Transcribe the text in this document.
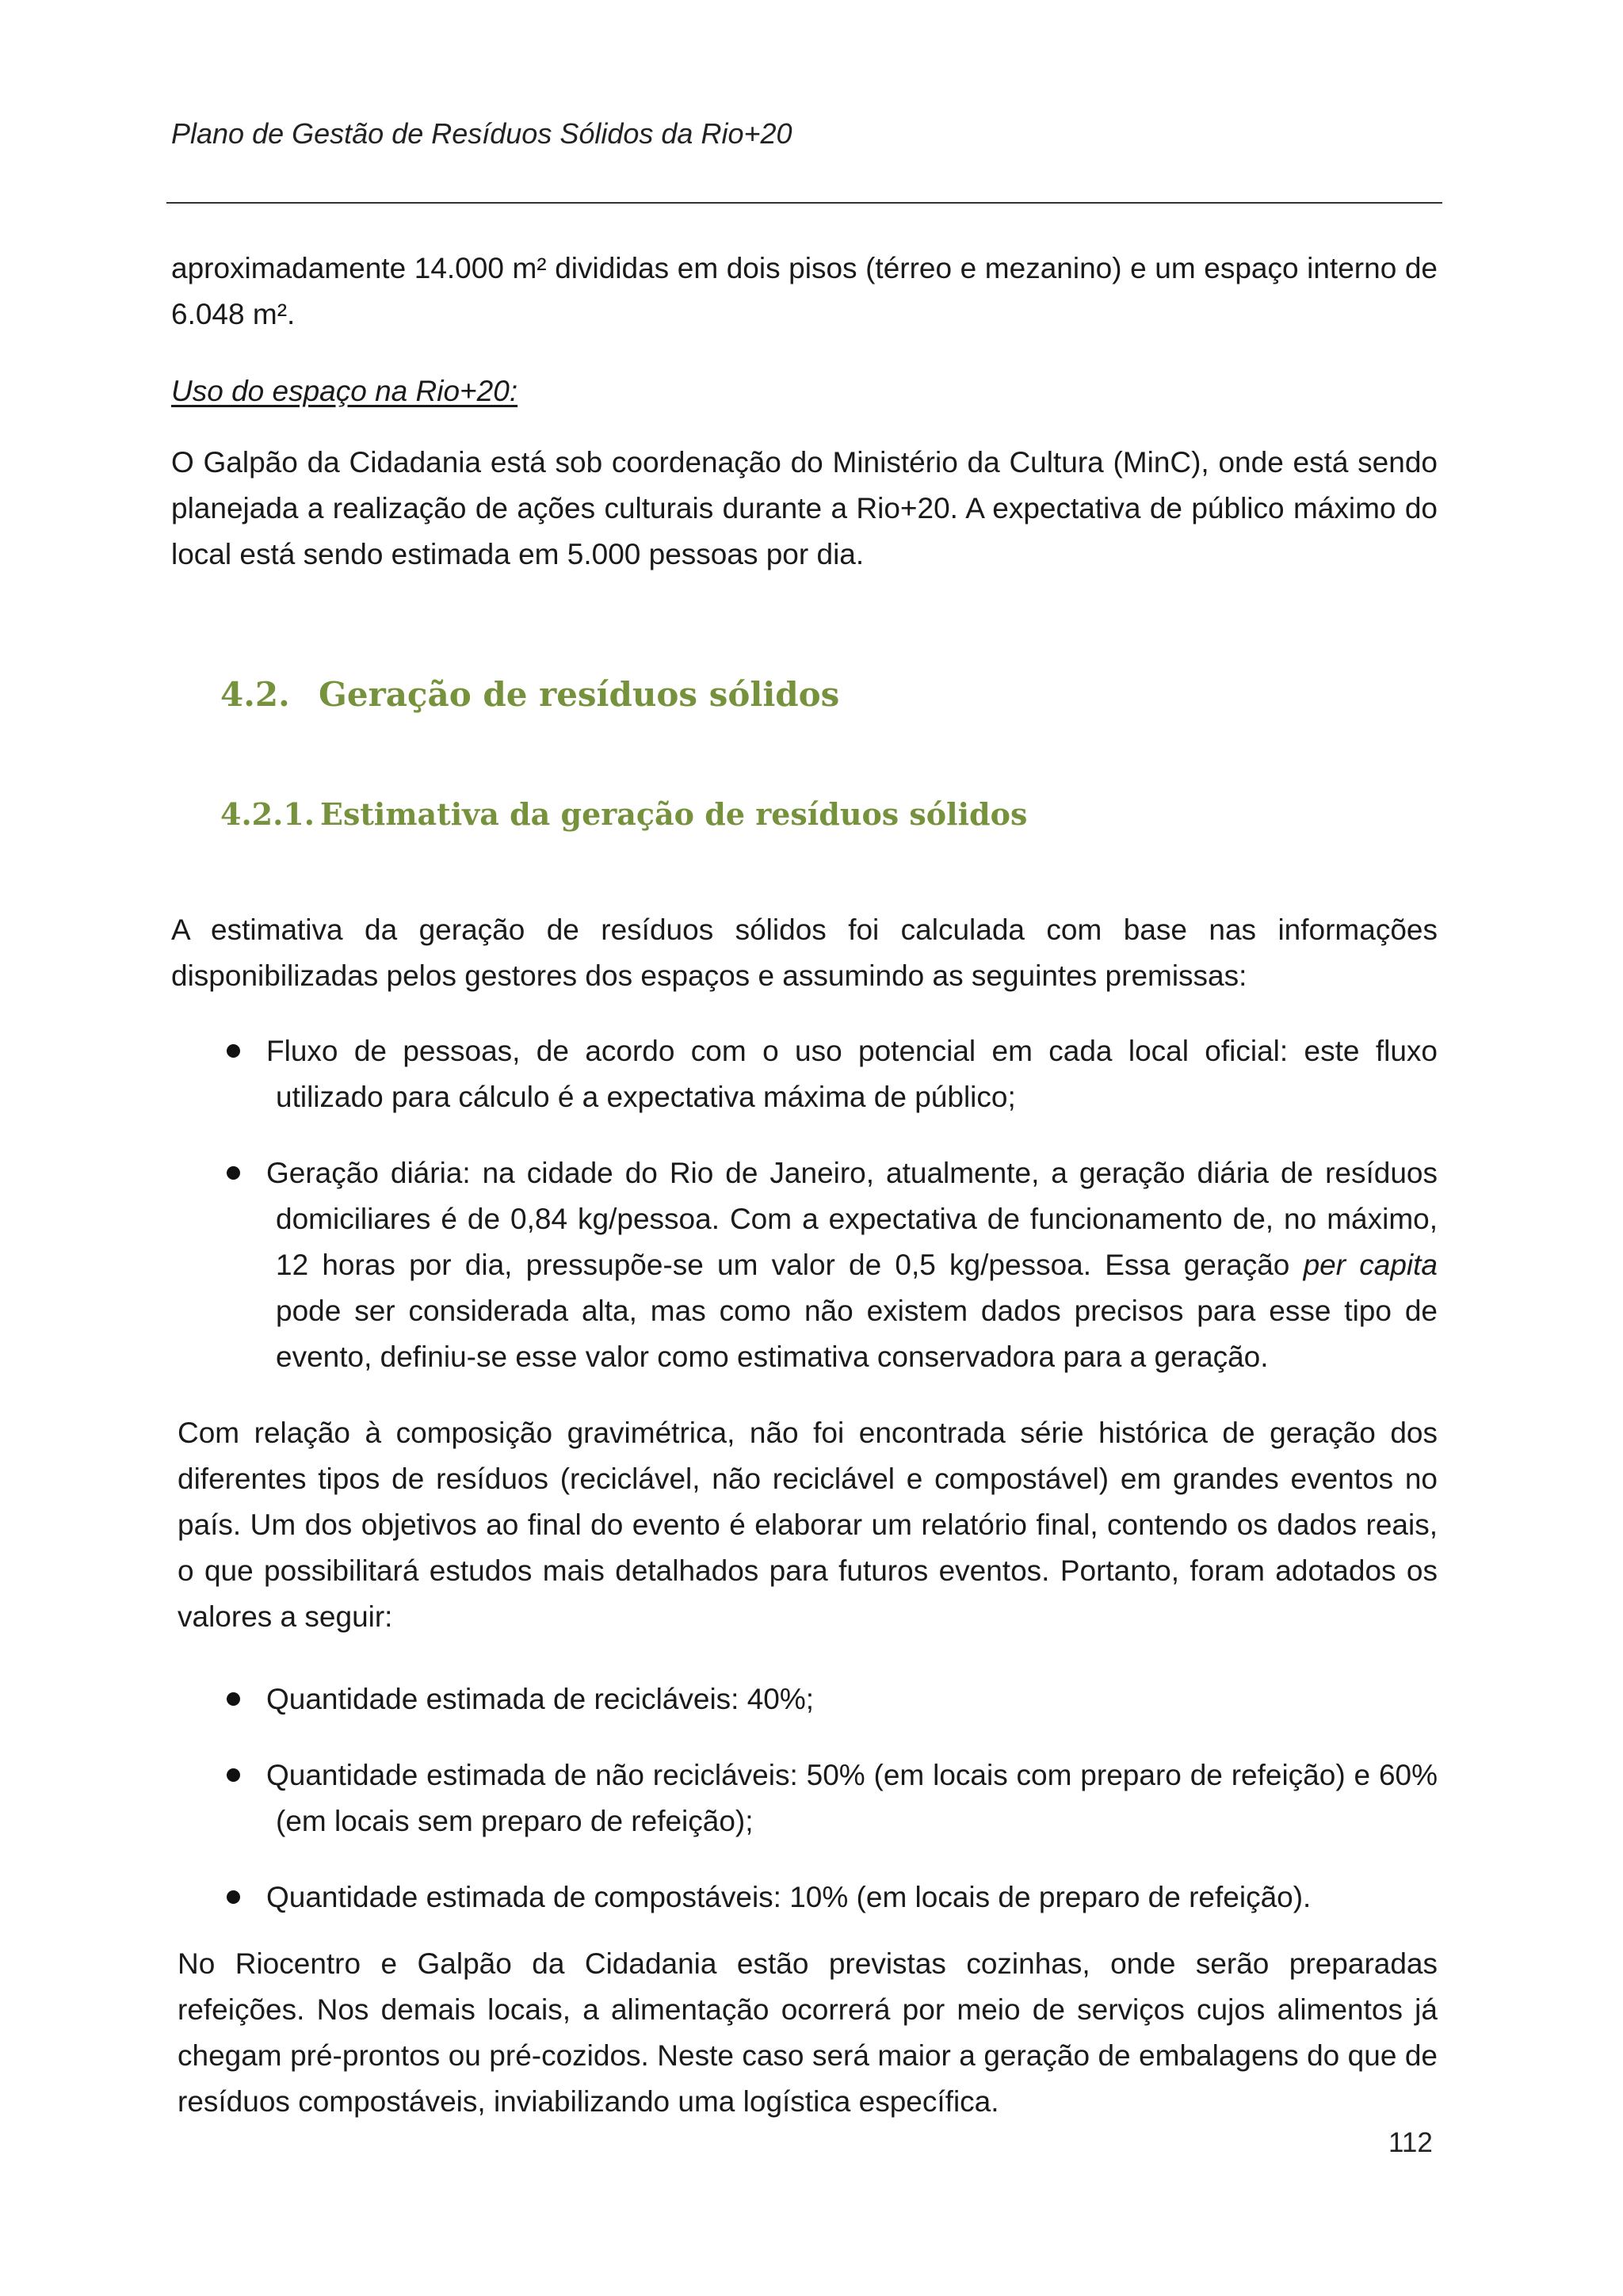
Plano de Gestão de Resíduos Sólidos da Rio+20

aproximadamente 14.000 m² divididas em dois pisos (térreo e mezanino) e um espaço interno de 6.048 m².

Uso do espaço na Rio+20:

O Galpão da Cidadania está sob coordenação do Ministério da Cultura (MinC), onde está sendo planejada a realização de ações culturais durante a Rio+20. A expectativa de público máximo do local está sendo estimada em 5.000 pessoas por dia.

4.2. Geração de resíduos sólidos
4.2.1. Estimativa da geração de resíduos sólidos

A estimativa da geração de resíduos sólidos foi calculada com base nas informações disponibilizadas pelos gestores dos espaços e assumindo as seguintes premissas:

Fluxo de pessoas, de acordo com o uso potencial em cada local oficial: este fluxo utilizado para cálculo é a expectativa máxima de público;
Geração diária: na cidade do Rio de Janeiro, atualmente, a geração diária de resíduos domiciliares é de 0,84 kg/pessoa. Com a expectativa de funcionamento de, no máximo, 12 horas por dia, pressupõe-se um valor de 0,5 kg/pessoa. Essa geração per capita pode ser considerada alta, mas como não existem dados precisos para esse tipo de evento, definiu-se esse valor como estimativa conservadora para a geração.

Com relação à composição gravimétrica, não foi encontrada série histórica de geração dos diferentes tipos de resíduos (reciclável, não reciclável e compostável) em grandes eventos no país. Um dos objetivos ao final do evento é elaborar um relatório final, contendo os dados reais, o que possibilitará estudos mais detalhados para futuros eventos. Portanto, foram adotados os valores a seguir:

Quantidade estimada de recicláveis: 40%;
Quantidade estimada de não recicláveis: 50% (em locais com preparo de refeição) e 60% (em locais sem preparo de refeição);
Quantidade estimada de compostáveis: 10% (em locais de preparo de refeição).

No Riocentro e Galpão da Cidadania estão previstas cozinhas, onde serão preparadas refeições. Nos demais locais, a alimentação ocorrerá por meio de serviços cujos alimentos já chegam pré-prontos ou pré-cozidos. Neste caso será maior a geração de embalagens do que de resíduos compostáveis, inviabilizando uma logística específica.

112
